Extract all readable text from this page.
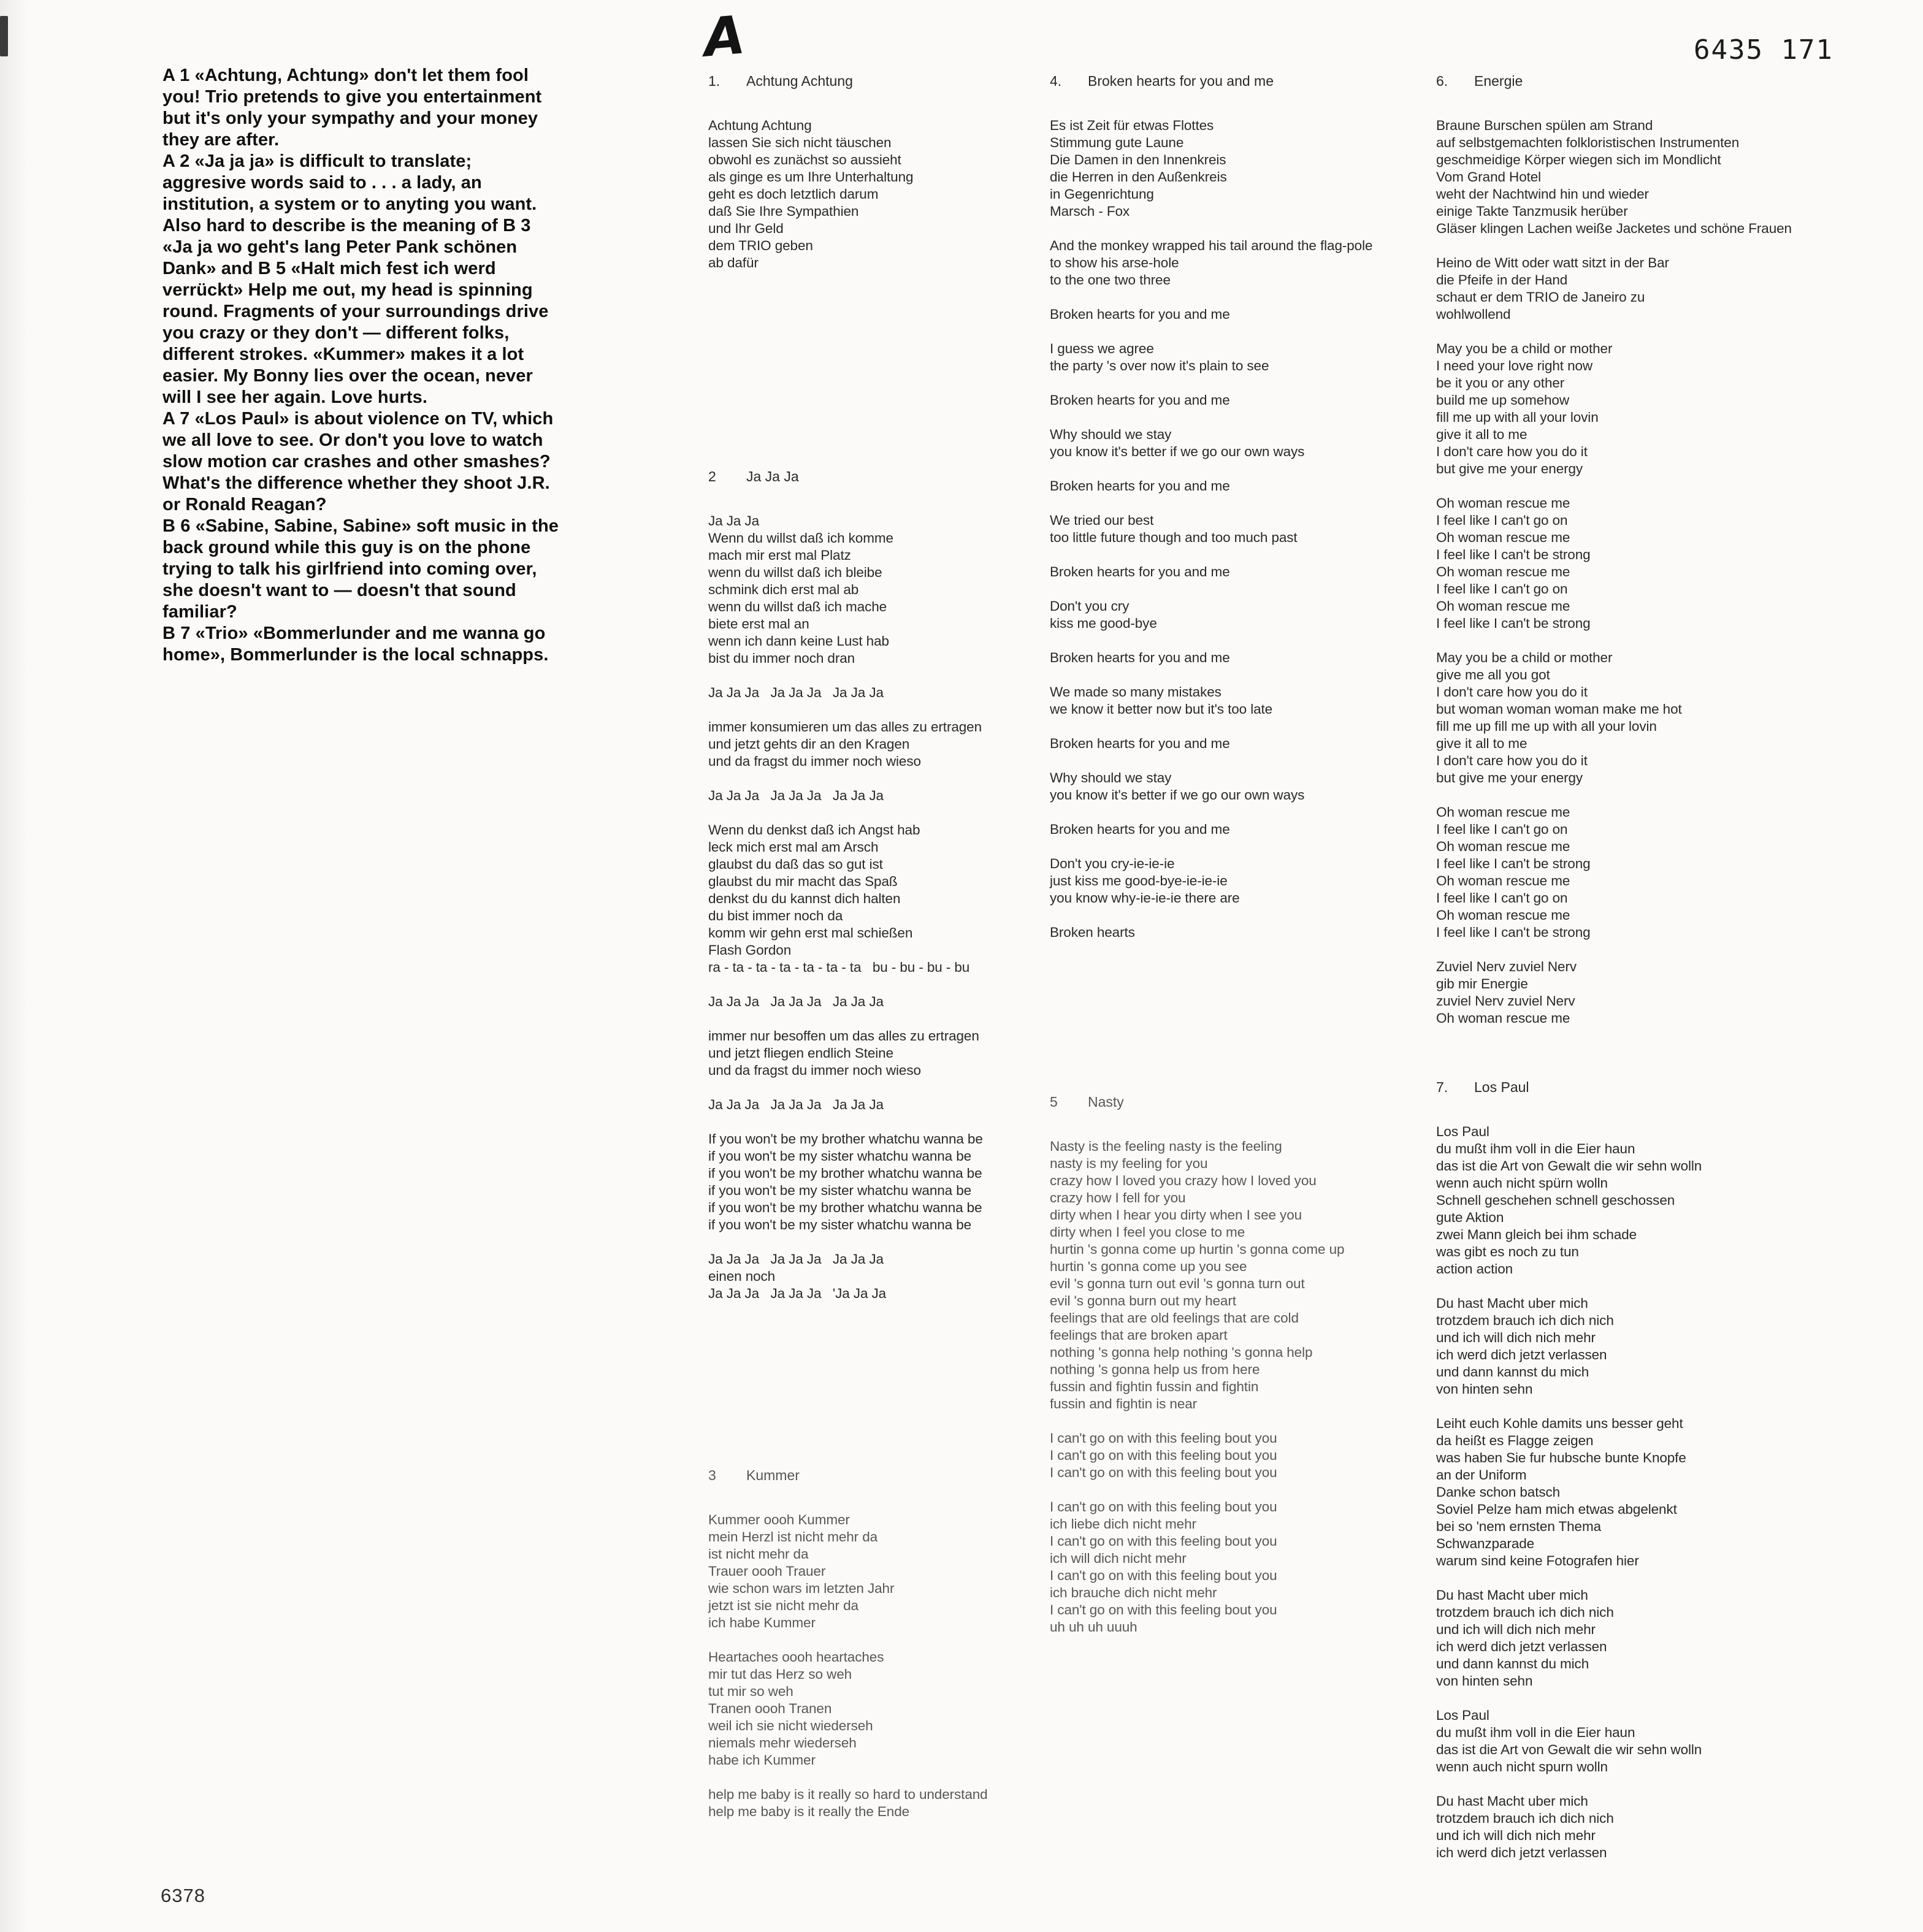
A 1 «Achtung, Achtung» don't let them fool you! Trio pretends to give you entertainment but it's only your sympathy and your money they are after.

A 2 «Ja ja ja» is difficult to translate; aggresive words said to . . . a lady, an institution, a system or to anyting you want. Also hard to describe is the meaning of B 3 «Ja ja wo geht's lang Peter Pank schönen Dank» and B 5 «Halt mich fest ich werd verrückt» Help me out, my head is spinning round. Fragments of your surroundings drive you crazy or they don't — different folks, different strokes. «Kummer» makes it a lot easier. My Bonny lies over the ocean, never will I see her again. Love hurts.

A 7 «Los Paul» is about violence on TV, which we all love to see. Or don't you love to watch slow motion car crashes and other smashes? What's the difference whether they shoot J.R. or Ronald Reagan?

B 6 «Sabine, Sabine, Sabine» soft music in the back ground while this guy is on the phone trying to talk his girlfriend into coming over, she doesn't want to — doesn't that sound familiar?

B 7 «Trio» «Bommerlunder and me wanna go home», Bommerlunder is the local schnapps.

A	6435 171
1. Achtung Achtung
Achtung Achtung
lassen Sie sich nicht täuschen
obwohl es zunächst so aussieht
als ginge es um Ihre Unterhaltung
geht es doch letztlich darum
daß Sie Ihre Sympathien
und Ihr Geld
dem TRIO geben
ab dafür
2 Ja Ja Ja
Ja Ja Ja
Wenn du willst daß ich komme
mach mir erst mal Platz
wenn du willst daß ich bleibe
schmink dich erst mal ab
wenn du willst daß ich mache
biete erst mal an
wenn ich dann keine Lust hab
bist du immer noch dran
Ja Ja Ja   Ja Ja Ja   Ja Ja Ja
immer konsumieren um das alles zu ertragen
und jetzt gehts dir an den Kragen
und da fragst du immer noch wieso
Ja Ja Ja   Ja Ja Ja   Ja Ja Ja
Wenn du denkst daß ich Angst hab
leck mich erst mal am Arsch
glaubst du daß das so gut ist
glaubst du mir macht das Spaß
denkst du du kannst dich halten
du bist immer noch da
komm wir gehn erst mal schießen
Flash Gordon
ra - ta - ta - ta - ta - ta - ta   bu - bu - bu - bu
Ja Ja Ja   Ja Ja Ja   Ja Ja Ja
immer nur besoffen um das alles zu ertragen
und jetzt fliegen endlich Steine
und da fragst du immer noch wieso
Ja Ja Ja   Ja Ja Ja   Ja Ja Ja
If you won't be my brother whatchu wanna be
if you won't be my sister whatchu wanna be
if you won't be my brother whatchu wanna be
if you won't be my sister whatchu wanna be
if you won't be my brother whatchu wanna be
if you won't be my sister whatchu wanna be
Ja Ja Ja   Ja Ja Ja   Ja Ja Ja
einen noch
Ja Ja Ja   Ja Ja Ja   'Ja Ja Ja
3 Kummer
Kummer oooh Kummer
mein Herzl ist nicht mehr da
ist nicht mehr da
Trauer oooh Trauer
wie schon wars im letzten Jahr
jetzt ist sie nicht mehr da
ich habe Kummer
Heartaches oooh heartaches
mir tut das Herz so weh
tut mir so weh
Tranen oooh Tranen
weil ich sie nicht wiederseh
niemals mehr wiederseh
habe ich Kummer
help me baby is it really so hard to understand
help me baby is it really the Ende
4. Broken hearts for you and me
Es ist Zeit für etwas Flottes
Stimmung gute Laune
Die Damen in den Innenkreis
die Herren in den Außenkreis
in Gegenrichtung
Marsch - Fox
And the monkey wrapped his tail around the flag-pole
to show his arse-hole
to the one two three
Broken hearts for you and me
I guess we agree
the party 's over now it's plain to see
Broken hearts for you and me
Why should we stay
you know it's better if we go our own ways
Broken hearts for you and me
We tried our best
too little future though and too much past
Broken hearts for you and me
Don't you cry
kiss me good-bye
Broken hearts for you and me
We made so many mistakes
we know it better now but it's too late
Broken hearts for you and me
Why should we stay
you know it's better if we go our own ways
Broken hearts for you and me
Don't you cry-ie-ie-ie
just kiss me good-bye-ie-ie-ie
you know why-ie-ie-ie there are
Broken hearts
5 Nasty
Nasty is the feeling nasty is the feeling
nasty is my feeling for you
crazy how I loved you crazy how I loved you
crazy how I fell for you
dirty when I hear you dirty when I see you
dirty when I feel you close to me
hurtin 's gonna come up hurtin 's gonna come up
hurtin 's gonna come up you see
evil 's gonna turn out evil 's gonna turn out
evil 's gonna burn out my heart
feelings that are old feelings that are cold
feelings that are broken apart
nothing 's gonna help nothing 's gonna help
nothing 's gonna help us from here
fussin and fightin fussin and fightin
fussin and fightin is near
I can't go on with this feeling bout you
I can't go on with this feeling bout you
I can't go on with this feeling bout you
I can't go on with this feeling bout you
ich liebe dich nicht mehr
I can't go on with this feeling bout you
ich will dich nicht mehr
I can't go on with this feeling bout you
ich brauche dich nicht mehr
I can't go on with this feeling bout you
uh uh uh uuuh
6. Energie
Braune Burschen spülen am Strand
auf selbstgemachten folkloristischen Instrumenten
geschmeidige Körper wiegen sich im Mondlicht
Vom Grand Hotel
weht der Nachtwind hin und wieder
einige Takte Tanzmusik herüber
Gläser klingen Lachen weiße Jacketes und schöne Frauen
Heino de Witt oder watt sitzt in der Bar
die Pfeife in der Hand
schaut er dem TRIO de Janeiro zu
wohlwollend
May you be a child or mother
I need your love right now
be it you or any other
build me up somehow
fill me up with all your lovin
give it all to me
I don't care how you do it
but give me your energy
Oh woman rescue me
I feel like I can't go on
Oh woman rescue me
I feel like I can't be strong
Oh woman rescue me
I feel like I can't go on
Oh woman rescue me
I feel like I can't be strong
May you be a child or mother
give me all you got
I don't care how you do it
but woman woman woman make me hot
fill me up fill me up with all your lovin
give it all to me
I don't care how you do it
but give me your energy
Oh woman rescue me
I feel like I can't go on
Oh woman rescue me
I feel like I can't be strong
Oh woman rescue me
I feel like I can't go on
Oh woman rescue me
I feel like I can't be strong
Zuviel Nerv zuviel Nerv
gib mir Energie
zuviel Nerv zuviel Nerv
Oh woman rescue me
7. Los Paul
Los Paul
du mußt ihm voll in die Eier haun
das ist die Art von Gewalt die wir sehn wolln
wenn auch nicht spürn wolln
Schnell geschehen schnell geschossen
gute Aktion
zwei Mann gleich bei ihm schade
was gibt es noch zu tun
action action
Du hast Macht uber mich
trotzdem brauch ich dich nich
und ich will dich nich mehr
ich werd dich jetzt verlassen
und dann kannst du mich
von hinten sehn
Leiht euch Kohle damits uns besser geht
da heißt es Flagge zeigen
was haben Sie fur hubsche bunte Knopfe
an der Uniform
Danke schon batsch
Soviel Pelze ham mich etwas abgelenkt
bei so 'nem ernsten Thema
Schwanzparade
warum sind keine Fotografen hier
Du hast Macht uber mich
trotzdem brauch ich dich nich
und ich will dich nich mehr
ich werd dich jetzt verlassen
und dann kannst du mich
von hinten sehn
Los Paul
du mußt ihm voll in die Eier haun
das ist die Art von Gewalt die wir sehn wolln
wenn auch nicht spurn wolln
Du hast Macht uber mich
trotzdem brauch ich dich nich
und ich will dich nich mehr
ich werd dich jetzt verlassen
6378
